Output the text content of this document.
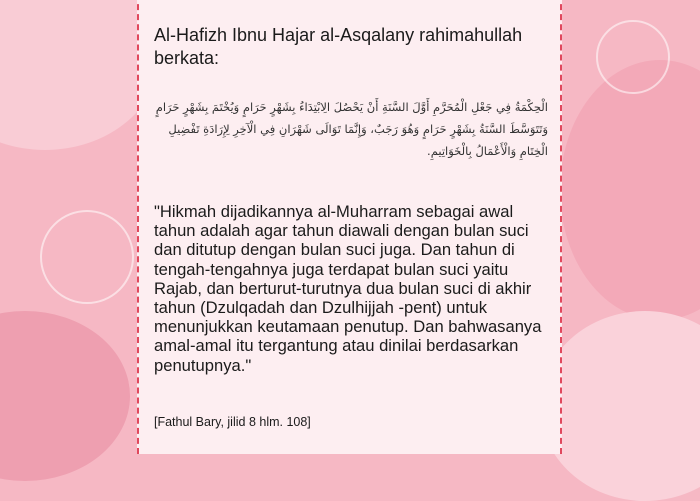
Al-Hafizh Ibnu Hajar al-Asqalany rahimahullah berkata:
الْحِكْمَةُ فِي جَعْلِ الْمُحَرَّمِ أَوَّلَ السَّنَةِ أَنْ يَحْصُلَ الِابْتِدَاءُ بِشَهْرٍ حَرَامٍ وَيُخْتَمَ بِشَهْرٍ حَرَامٍ وَتَتَوَسَّطَ السَّنَةُ بِشَهْرٍ حَرَامٍ وَهُوَ رَجَبٌ، وَإِنَّمَا تَوَالَى شَهْرَانِ فِي الْآخِرِ لِإِرَادَةِ تَفْضِيلِ الْخِتَامِ وَالْأَعْمَالُ بِالْخَوَاتِيمِ.
"Hikmah dijadikannya al-Muharram sebagai awal tahun adalah agar tahun diawali dengan bulan suci dan ditutup dengan bulan suci juga. Dan tahun di tengah-tengahnya juga terdapat bulan suci yaitu Rajab, dan berturut-turutnya dua bulan suci di akhir tahun (Dzulqadah dan Dzulhijjah -pent) untuk menunjukkan keutamaan penutup. Dan bahwasanya amal-amal itu tergantung atau dinilai berdasarkan penutupnya."
[Fathul Bary, jilid 8 hlm. 108]
